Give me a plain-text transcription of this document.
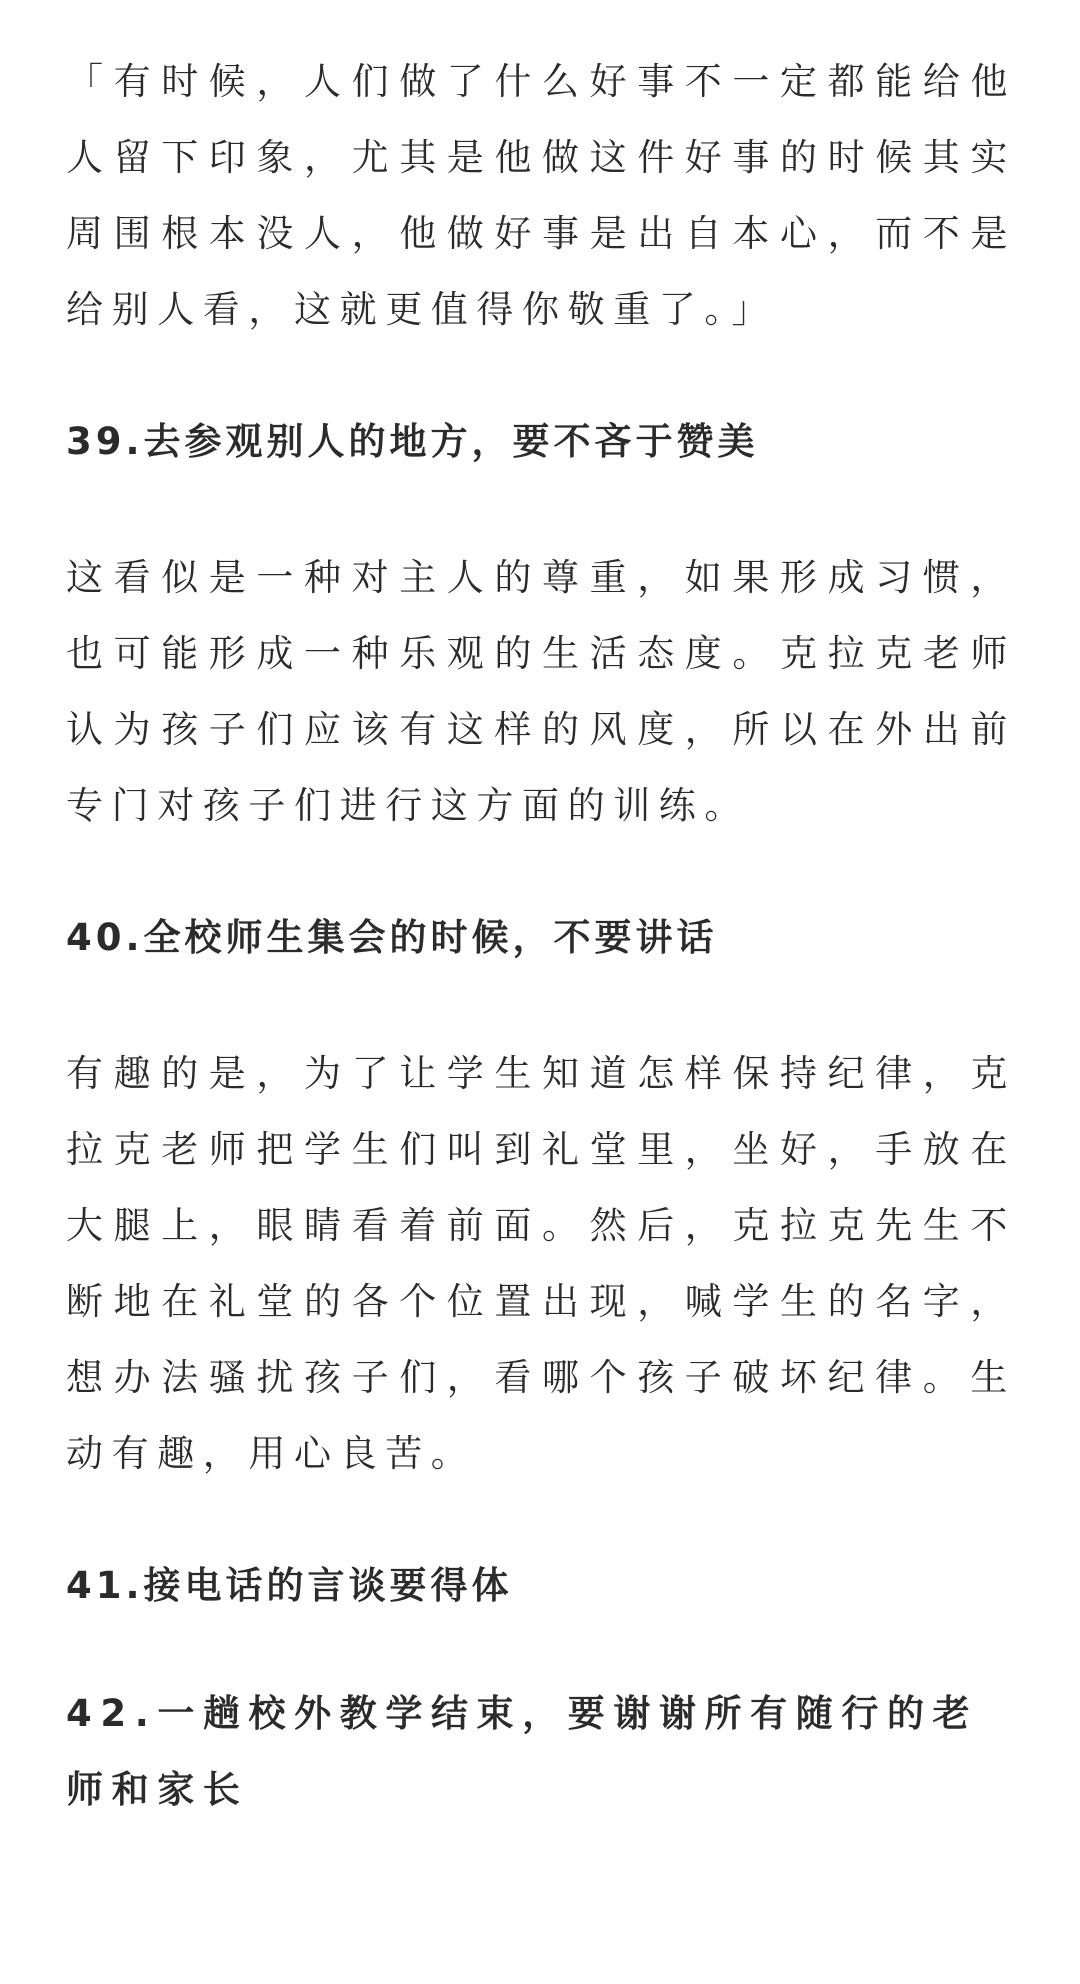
「有时候，人们做了什么好事不一定都能给他人留下印象，尤其是他做这件好事的时候其实周围根本没人，他做好事是出自本心，而不是给别人看，这就更值得你敬重了。」

39.去参观别人的地方，要不吝于赞美

这看似是一种对主人的尊重，如果形成习惯，也可能形成一种乐观的生活态度。克拉克老师认为孩子们应该有这样的风度，所以在外出前专门对孩子们进行这方面的训练。

40.全校师生集会的时候，不要讲话

有趣的是，为了让学生知道怎样保持纪律，克拉克老师把学生们叫到礼堂里，坐好，手放在大腿上，眼睛看着前面。然后，克拉克先生不断地在礼堂的各个位置出现，喊学生的名字，想办法骚扰孩子们，看哪个孩子破坏纪律。生动有趣，用心良苦。

41.接电话的言谈要得体
42.一趟校外教学结束，要谢谢所有随行的老师和家长
